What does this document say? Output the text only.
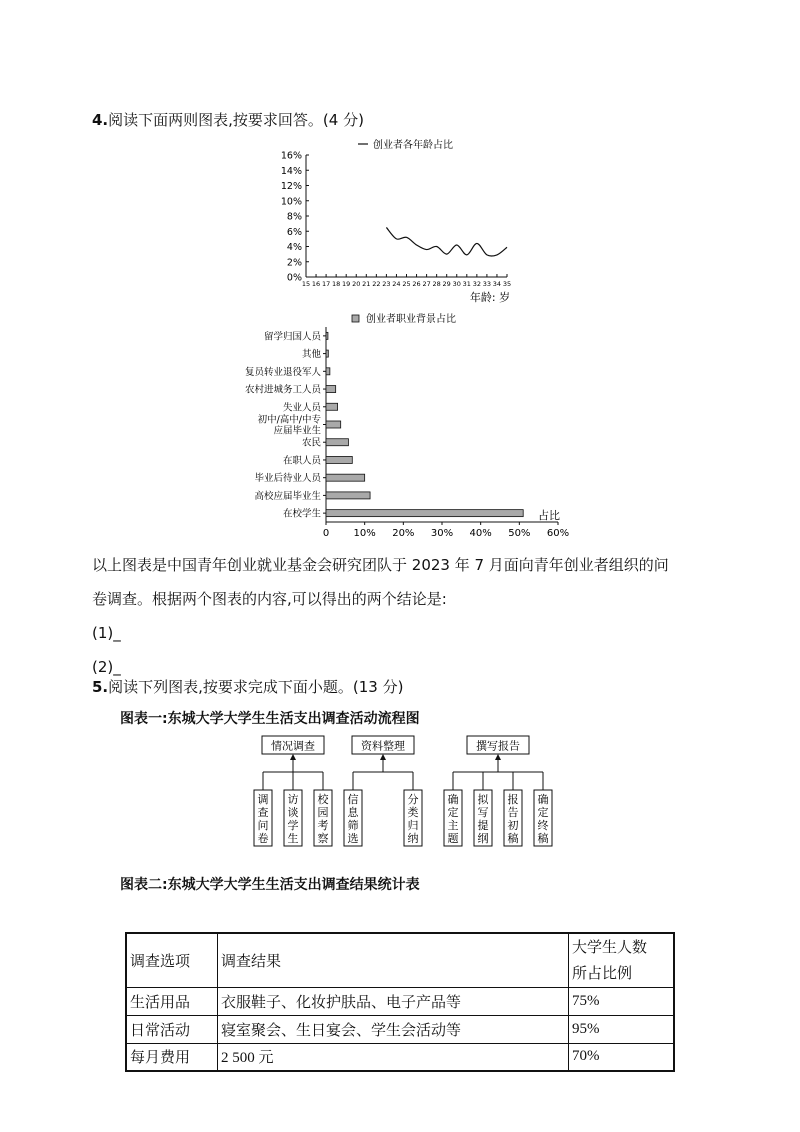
4.阅读下面两则图表,按要求回答。(4 分)
创业者各年龄占比
0%
2%
4%
6%
8%
10%
12%
14%
16%
15 16 17 18 19 20 21 22 23 24 25 26 27 28 29 30 31 32 33 34 35
年龄: 岁
创业者职业背景占比
0 10% 20% 30% 40% 50% 60%
占比
留学归国人员
其他
复员转业退役军人
农村进城务工人员
失业人员
初中/高中/中专
应届毕业生
农民
在职人员
毕业后待业人员
高校应届毕业生
在校学生
以上图表是中国青年创业就业基金会研究团队于 2023 年 7 月面向青年创业者组织的问
卷调查。根据两个图表的内容,可以得出的两个结论是:
(1)_
(2)_
5.阅读下列图表,按要求完成下面小题。(13 分)
图表一:东城大学大学生生活支出调查活动流程图
情况调查
调
查
问
卷
访
谈
学
生
校
园
考
察
资料整理
信
息
筛
选
分
类
归
纳
撰写报告
确
定
主
题
拟
写
提
纲
报
告
初
稿
确
定
终
稿
图表二:东城大学大学生生活支出调查结果统计表
调查选项	调查结果	大学生人数
所占比例

生活用品	衣服鞋子、化妆护肤品、电子产品等	75%
日常活动	寝室聚会、生日宴会、学生会活动等	95%
每月费用	2 500 元	70%
